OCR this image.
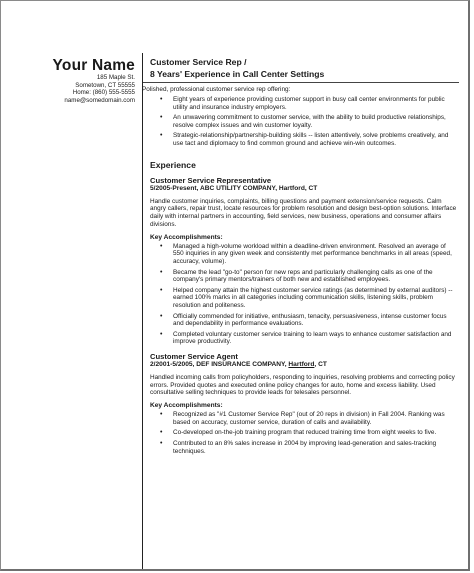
Your Name
185 Maple St.
Sometown, CT 55555
Home: (860) 555-5555
name@somedomain.com
Customer Service Rep /
8 Years' Experience in Call Center Settings
Polished, professional customer service rep offering:
• Eight years of experience providing customer support in busy call center environments for public utility and insurance industry employers.
• An unwavering commitment to customer service, with the ability to build productive relationships, resolve complex issues and win customer loyalty.
• Strategic-relationship/partnership-building skills -- listen attentively, solve problems creatively, and use tact and diplomacy to find common ground and achieve win-win outcomes.
Experience
Customer Service Representative
5/2005-Present, ABC UTILITY COMPANY, Hartford, CT
Handle customer inquiries, complaints, billing questions and payment extension/service requests. Calm angry callers, repair trust, locate resources for problem resolution and design best-option solutions. Interface daily with internal partners in accounting, field services, new business, operations and consumer affairs divisions.
Key Accomplishments:
• Managed a high-volume workload within a deadline-driven environment. Resolved an average of 550 inquiries in any given week and consistently met performance benchmarks in all areas (speed, accuracy, volume).
• Became the lead "go-to" person for new reps and particularly challenging calls as one of the company's primary mentors/trainers of both new and established employees.
• Helped company attain the highest customer service ratings (as determined by external auditors) -- earned 100% marks in all categories including communication skills, listening skills, problem resolution and politeness.
• Officially commended for initiative, enthusiasm, tenacity, persuasiveness, intense customer focus and dependability in performance evaluations.
• Completed voluntary customer service training to learn ways to enhance customer satisfaction and improve productivity.
Customer Service Agent
2/2001-5/2005, DEF INSURANCE COMPANY, Hartford, CT
Handled incoming calls from policyholders, responding to inquiries, resolving problems and correcting policy errors. Provided quotes and executed online policy changes for auto, home and excess liability. Used consultative selling techniques to provide leads for telesales personnel.
Key Accomplishments:
• Recognized as "#1 Customer Service Rep" (out of 20 reps in division) in Fall 2004. Ranking was based on accuracy, customer service, duration of calls and availability.
• Co-developed on-the-job training program that reduced training time from eight weeks to five.
• Contributed to an 8% sales increase in 2004 by improving lead-generation and sales-tracking techniques.
